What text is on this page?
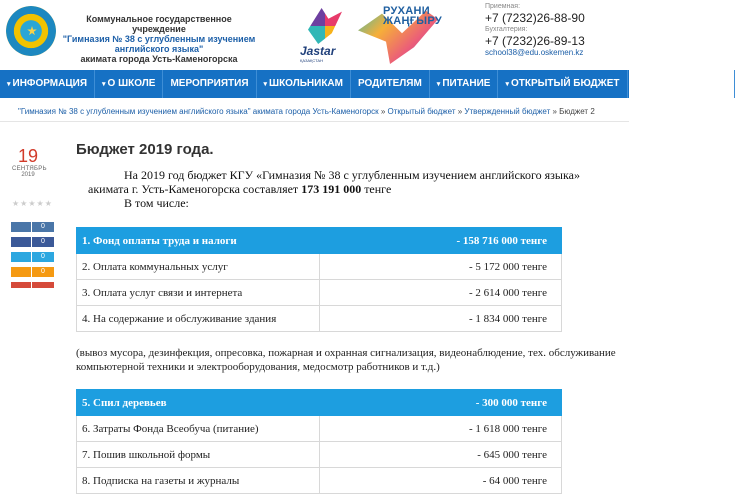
Коммунальное государственное учреждение
"Гимназия № 38 с углубленным изучением английского языка"
акимата города Усть-Каменогорска
Jastar
ҚАЗАҚСТАН
РУХАНИ ЖАҢҒЫРУ
Приемная:
+7 (7232)26-88-90
Бухгалтерия:
+7 (7232)26-89-13
school38@edu.oskemen.kz
▾ ИНФОРМАЦИЯ	▾ О ШКОЛЕ	МЕРОПРИЯТИЯ	▾ ШКОЛЬНИКАМ	РОДИТЕЛЯМ	▾ ПИТАНИЕ	▾ ОТКРЫТЫЙ БЮДЖЕТ	▾ ОТКРЫТЫЙ БЮД
"Гимназия № 38 с углубленным изучением английского языка" акимата города Усть-Каменогорск » Открытый бюджет » Утвержденный бюджет » Бюджет 2
19
СЕНТЯБРЬ
2019
★★★★★
0
0
0
0
Бюджет 2019 года.
На 2019 год бюджет КГУ «Гимназия № 38 с углубленным изучением английского языка»
акимата г. Усть-Каменогорска составляет 173 191 000 тенге
В том числе:
1. Фонд оплаты труда и налоги	- 158 716 000 тенге
2. Оплата коммунальных услуг	- 5 172 000 тенге
3. Оплата услуг связи и интернета	- 2 614 000 тенге
4. На содержание и обслуживание здания	- 1 834 000 тенге
(вывоз мусора, дезинфекция, опресовка, пожарная и охранная сигнализация, видеонаблюдение, тех. обслуживание компьютерной техники и электрооборудования, медосмотр работников и т.д.)
5. Спил деревьев	- 300 000 тенге
6. Затраты Фонда Всеобуча (питание)	- 1 618 000 тенге
7. Пошив школьной формы	- 645 000 тенге
8. Подписка на газеты и журналы	- 64 000 тенге
